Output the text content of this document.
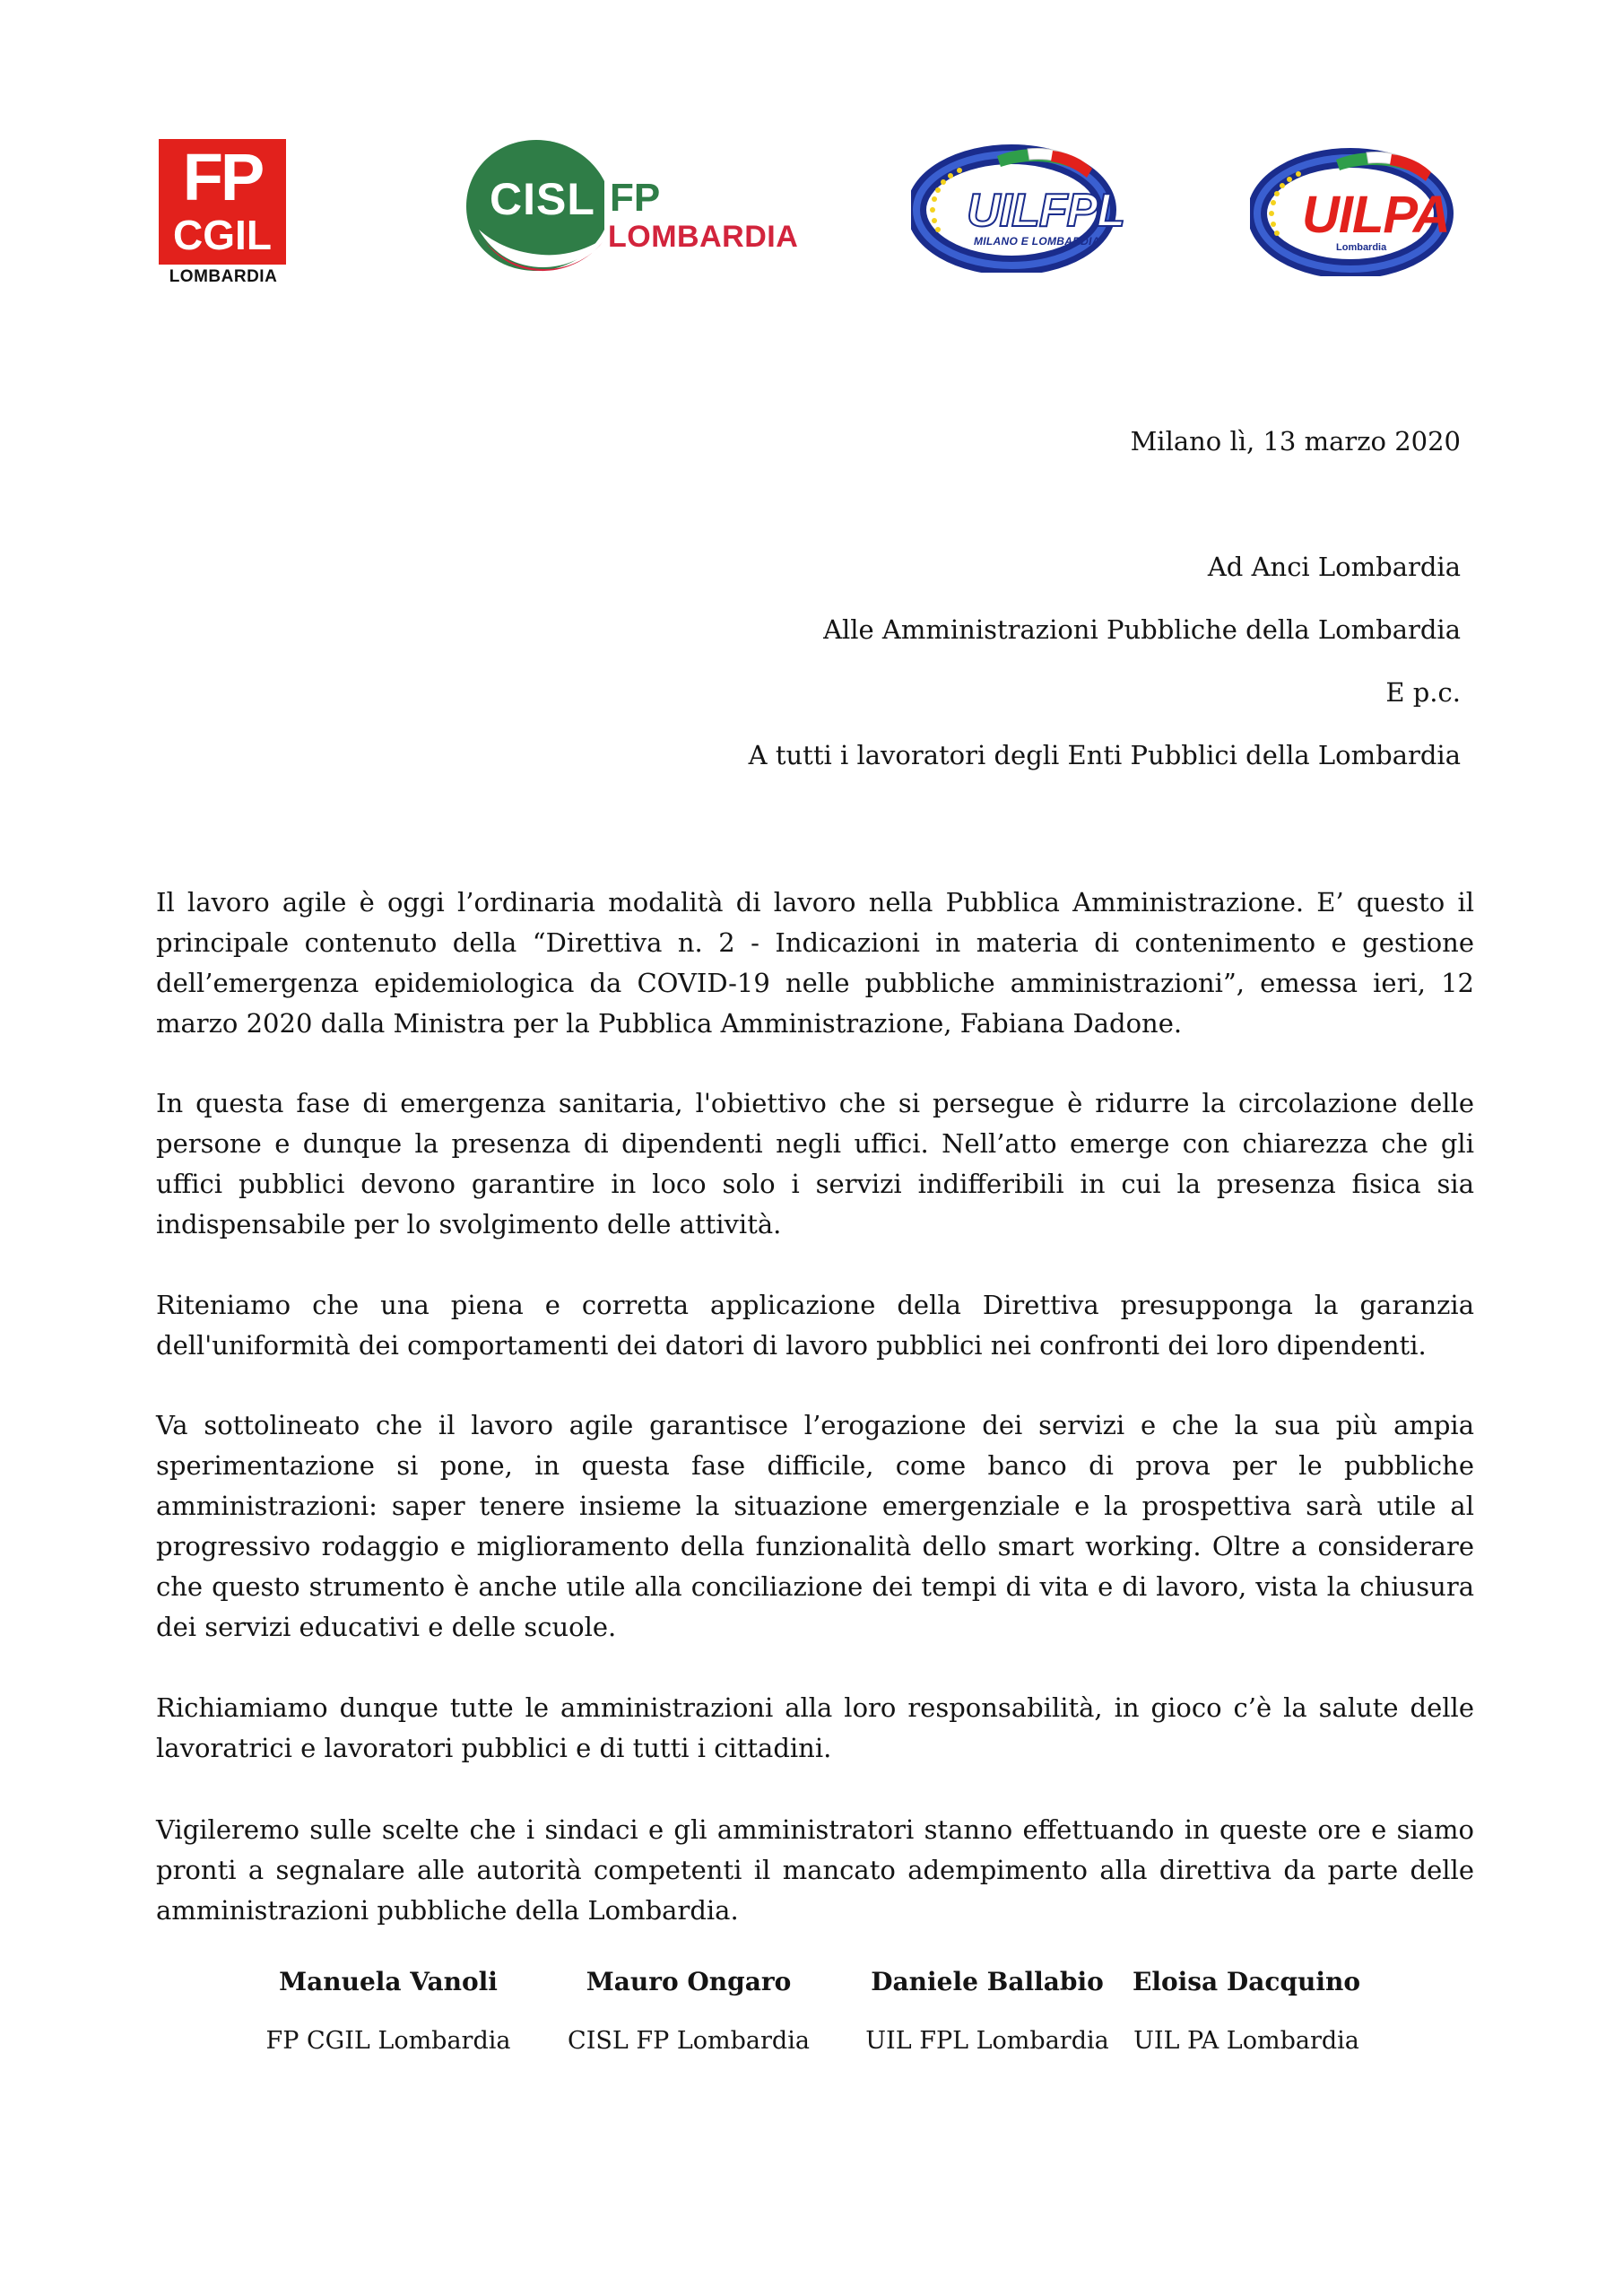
FP
CGIL
LOMBARDIA
CISL FP
LOMBARDIA	UILFPL
MILANO E LOMBARDIA	UILPA
Lombardia
Milano lì, 13 marzo 2020
Ad Anci Lombardia
Alle Amministrazioni Pubbliche della Lombardia
E p.c.
A tutti i lavoratori degli Enti Pubblici della Lombardia
Il lavoro agile è oggi l’ordinaria modalità di lavoro nella Pubblica Amministrazione. E’ questo il principale contenuto della “Direttiva n. 2 - Indicazioni in materia di contenimento e gestione dell’emergenza epidemiologica da COVID-19 nelle pubbliche amministrazioni”, emessa ieri, 12 marzo 2020 dalla Ministra per la Pubblica Amministrazione, Fabiana Dadone.
In questa fase di emergenza sanitaria, l'obiettivo che si persegue è ridurre la circolazione delle persone e dunque la presenza di dipendenti negli uffici. Nell’atto emerge con chiarezza che gli uffici pubblici devono garantire in loco solo i servizi indifferibili in cui la presenza fisica sia indispensabile per lo svolgimento delle attività.
Riteniamo che una piena e corretta applicazione della Direttiva presupponga la garanzia dell'uniformità dei comportamenti dei datori di lavoro pubblici nei confronti dei loro dipendenti.
Va sottolineato che il lavoro agile garantisce l’erogazione dei servizi e che la sua più ampia sperimentazione si pone, in questa fase difficile, come banco di prova per le pubbliche amministrazioni: saper tenere insieme la situazione emergenziale e la prospettiva sarà utile al progressivo rodaggio e miglioramento della funzionalità dello smart working. Oltre a considerare che questo strumento è anche utile alla conciliazione dei tempi di vita e di lavoro, vista la chiusura dei servizi educativi e delle scuole.
Richiamiamo dunque tutte le amministrazioni alla loro responsabilità, in gioco c’è la salute delle lavoratrici e lavoratori pubblici e di tutti i cittadini.
Vigileremo sulle scelte che i sindaci e gli amministratori stanno effettuando in queste ore e siamo pronti a segnalare alle autorità competenti il mancato adempimento alla direttiva da parte delle amministrazioni pubbliche della Lombardia.
Manuela Vanoli
FP CGIL Lombardia
Mauro Ongaro
CISL FP Lombardia
Daniele Ballabio
UIL FPL Lombardia
Eloisa Dacquino
UIL PA Lombardia
